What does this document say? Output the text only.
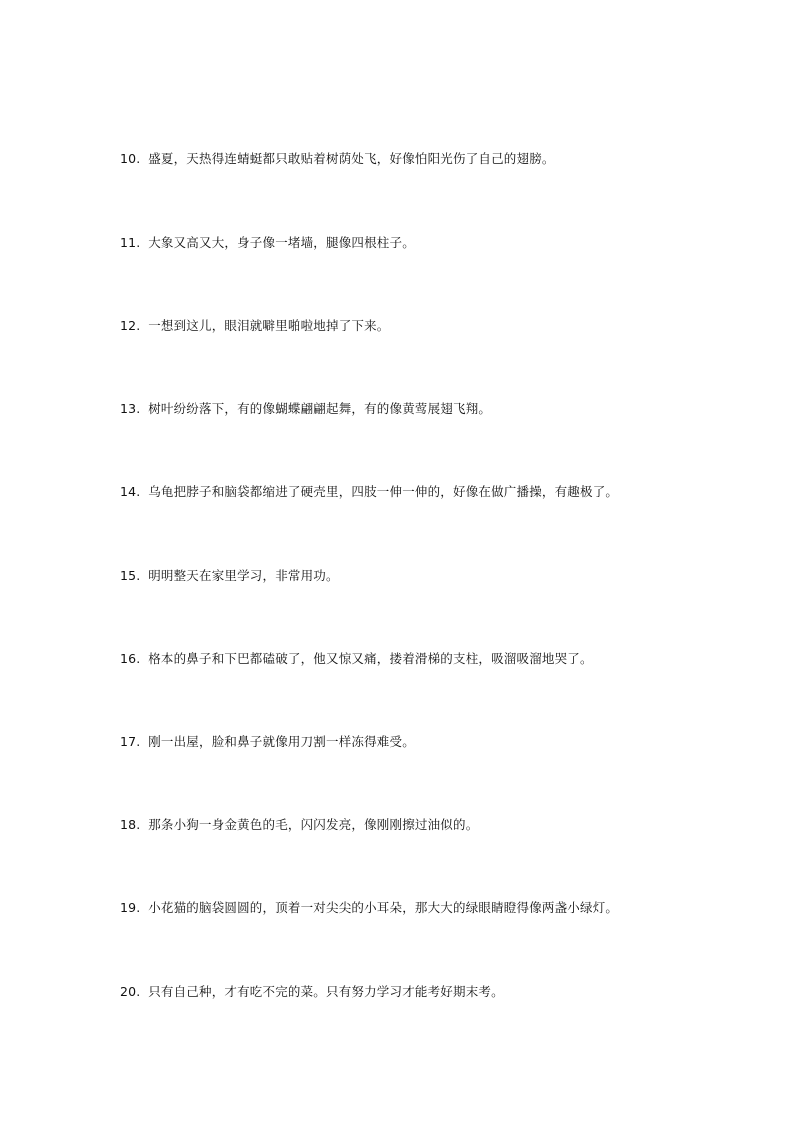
10. 盛夏，天热得连蜻蜓都只敢贴着树荫处飞，好像怕阳光伤了自己的翅膀。
11. 大象又高又大，身子像一堵墙，腿像四根柱子。
12. 一想到这儿，眼泪就噼里啪啦地掉了下来。
13. 树叶纷纷落下，有的像蝴蝶翩翩起舞，有的像黄莺展翅飞翔。
14. 乌龟把脖子和脑袋都缩进了硬壳里，四肢一伸一伸的，好像在做广播操，有趣极了。
15. 明明整天在家里学习，非常用功。
16. 格本的鼻子和下巴都磕破了，他又惊又痛，搂着滑梯的支柱，吸溜吸溜地哭了。
17. 刚一出屋，脸和鼻子就像用刀割一样冻得难受。
18. 那条小狗一身金黄色的毛，闪闪发亮，像刚刚擦过油似的。
19. 小花猫的脑袋圆圆的，顶着一对尖尖的小耳朵，那大大的绿眼睛瞪得像两盏小绿灯。
20. 只有自己种，才有吃不完的菜。只有努力学习才能考好期末考。
